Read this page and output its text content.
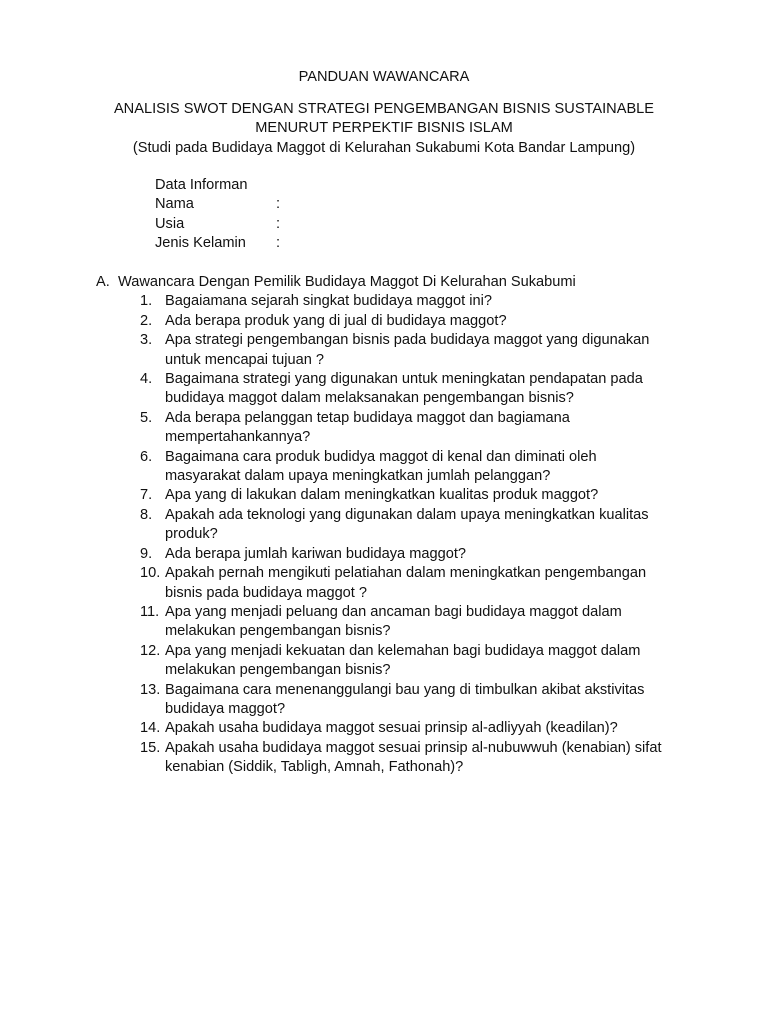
PANDUAN WAWANCARA
ANALISIS SWOT DENGAN STRATEGI PENGEMBANGAN BISNIS SUSTAINABLE
MENURUT PERPEKTIF BISNIS ISLAM
(Studi pada Budidaya Maggot di Kelurahan Sukabumi Kota Bandar Lampung)
Data Informan
Nama	:
Usia	:
Jenis Kelamin :
A. Wawancara Dengan Pemilik Budidaya Maggot Di Kelurahan Sukabumi
1. Bagaiamana sejarah singkat budidaya maggot ini?
2. Ada berapa produk yang di jual di budidaya maggot?
3. Apa strategi pengembangan bisnis pada budidaya maggot yang digunakan
untuk mencapai tujuan ?
4. Bagaimana strategi yang digunakan untuk meningkatan pendapatan pada
budidaya maggot dalam melaksanakan pengembangan bisnis?
5. Ada berapa pelanggan tetap budidaya maggot dan bagiamana
mempertahankannya?
6. Bagaimana cara produk budidya maggot di kenal dan diminati oleh
masyarakat dalam upaya meningkatkan jumlah pelanggan?
7. Apa yang di lakukan dalam meningkatkan kualitas produk maggot?
8. Apakah ada teknologi yang digunakan dalam upaya meningkatkan kualitas
produk?
9. Ada berapa jumlah kariwan budidaya maggot?
10. Apakah pernah mengikuti pelatiahan dalam meningkatkan pengembangan
bisnis pada budidaya maggot ?
11. Apa yang menjadi peluang dan ancaman bagi budidaya maggot dalam
melakukan pengembangan bisnis?
12. Apa yang menjadi kekuatan dan kelemahan bagi budidaya maggot dalam
melakukan pengembangan bisnis?
13. Bagaimana cara menenanggulangi bau yang di timbulkan akibat akstivitas
budidaya maggot?
14. Apakah usaha budidaya maggot sesuai prinsip al-adliyyah (keadilan)?
15. Apakah usaha budidaya maggot sesuai prinsip al-nubuwwuh (kenabian) sifat
kenabian (Siddik, Tabligh, Amnah, Fathonah)?
